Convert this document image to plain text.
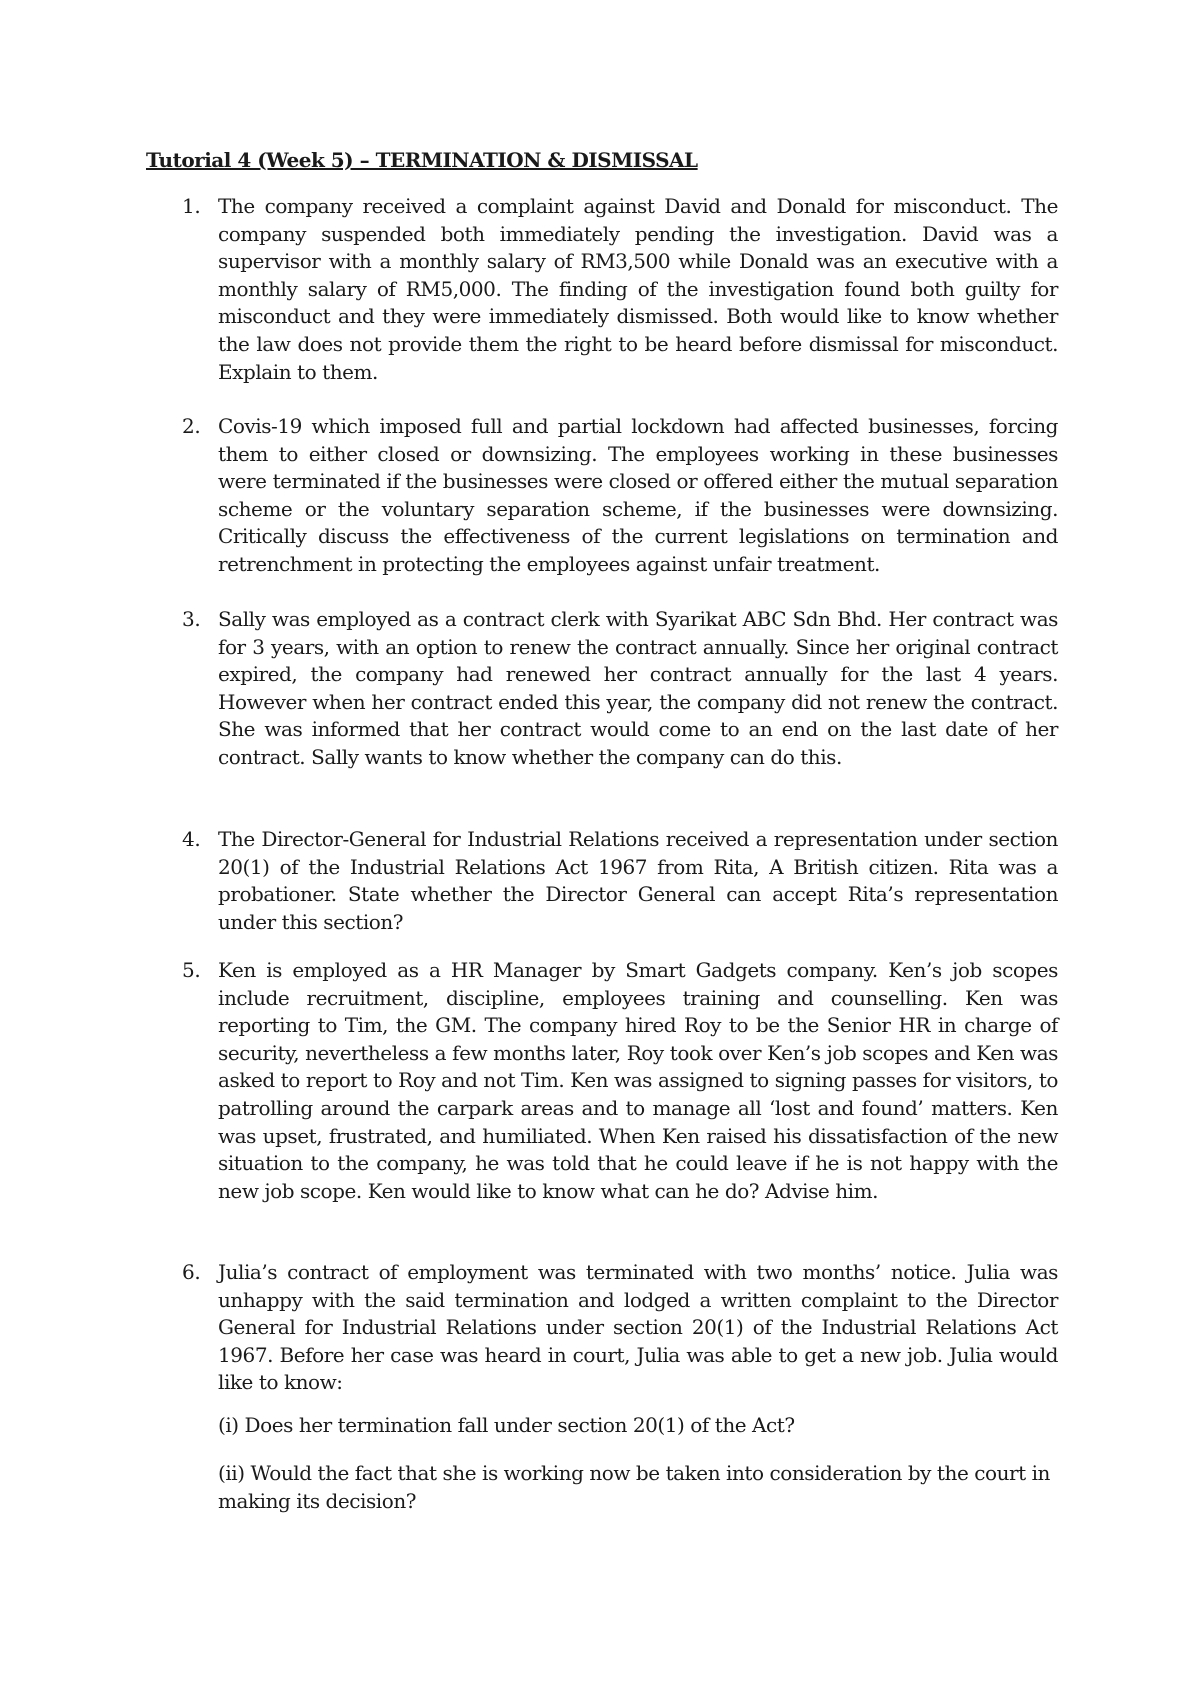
Tutorial 4 (Week 5) – TERMINATION & DISMISSAL
1. The company received a complaint against David and Donald for misconduct. The company suspended both immediately pending the investigation. David was a supervisor with a monthly salary of RM3,500 while Donald was an executive with a monthly salary of RM5,000. The finding of the investigation found both guilty for misconduct and they were immediately dismissed. Both would like to know whether the law does not provide them the right to be heard before dismissal for misconduct. Explain to them.

2. Covis-19 which imposed full and partial lockdown had affected businesses, forcing them to either closed or downsizing. The employees working in these businesses were terminated if the businesses were closed or offered either the mutual separation scheme or the voluntary separation scheme, if the businesses were downsizing. Critically discuss the effectiveness of the current legislations on termination and retrenchment in protecting the employees against unfair treatment.

3. Sally was employed as a contract clerk with Syarikat ABC Sdn Bhd. Her contract was for 3 years, with an option to renew the contract annually. Since her original contract expired, the company had renewed her contract annually for the last 4 years. However when her contract ended this year, the company did not renew the contract. She was informed that her contract would come to an end on the last date of her contract. Sally wants to know whether the company can do this.

4. The Director-General for Industrial Relations received a representation under section 20(1) of the Industrial Relations Act 1967 from Rita, A British citizen. Rita was a probationer. State whether the Director General can accept Rita’s representation under this section?

5. Ken is employed as a HR Manager by Smart Gadgets company. Ken’s job scopes include recruitment, discipline, employees training and counselling. Ken was reporting to Tim, the GM. The company hired Roy to be the Senior HR in charge of security, nevertheless a few months later, Roy took over Ken’s job scopes and Ken was asked to report to Roy and not Tim. Ken was assigned to signing passes for visitors, to patrolling around the carpark areas and to manage all ‘lost and found’ matters. Ken was upset, frustrated, and humiliated. When Ken raised his dissatisfaction of the new situation to the company, he was told that he could leave if he is not happy with the new job scope. Ken would like to know what can he do? Advise him.

6. Julia’s contract of employment was terminated with two months’ notice. Julia was unhappy with the said termination and lodged a written complaint to the Director General for Industrial Relations under section 20(1) of the Industrial Relations Act 1967. Before her case was heard in court, Julia was able to get a new job. Julia would like to know:

(i) Does her termination fall under section 20(1) of the Act?

(ii) Would the fact that she is working now be taken into consideration by the court in making its decision?
